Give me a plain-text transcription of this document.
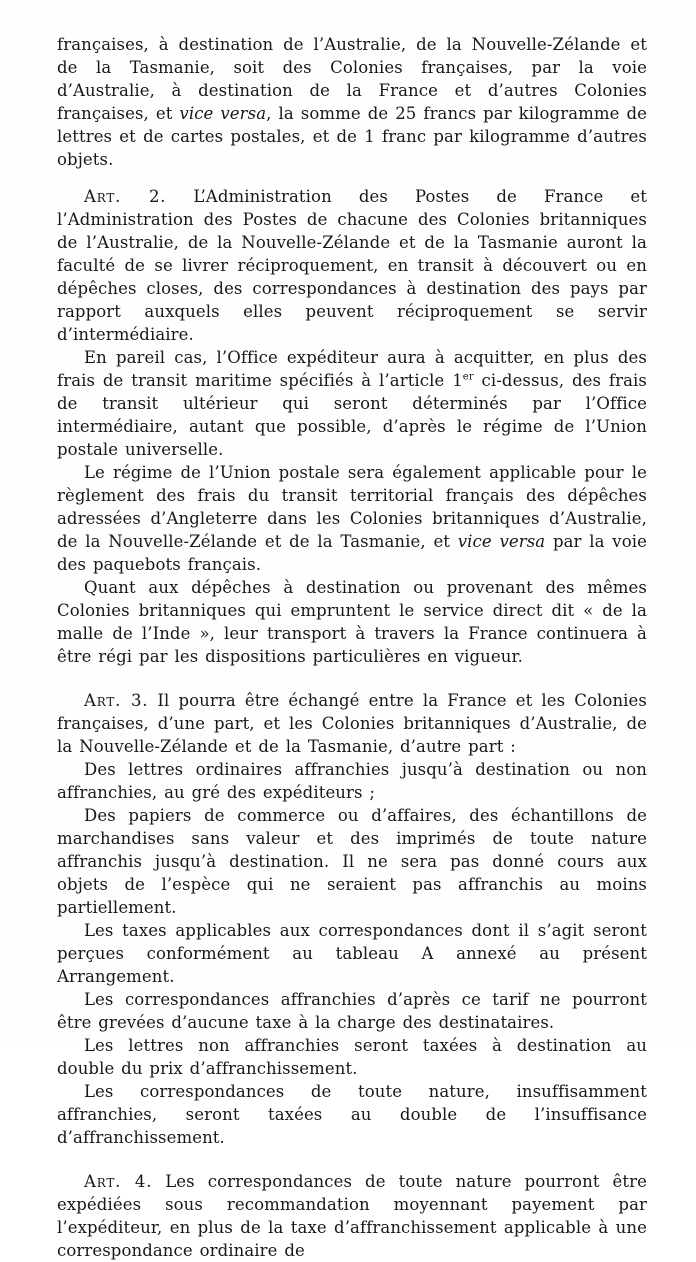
françaises, à destination de l’Australie, de la Nouvelle-Zélande et de la Tasmanie, soit des Colonies françaises, par la voie d’Australie, à destination de la France et d’autres Colonies françaises, et vice versa, la somme de 25 francs par kilogramme de lettres et de cartes postales, et de 1 franc par kilogramme d’autres objets.

Art. 2. L’Administration des Postes de France et l’Administration des Postes de chacune des Colonies britanniques de l’Australie, de la Nouvelle-Zélande et de la Tasmanie auront la faculté de se livrer réciproquement, en transit à découvert ou en dépêches closes, des correspondances à destination des pays par rapport auxquels elles peuvent réciproquement se servir d’intermédiaire.

En pareil cas, l’Office expéditeur aura à acquitter, en plus des frais de transit maritime spécifiés à l’article 1er ci-dessus, des frais de transit ultérieur qui seront déterminés par l’Office intermédiaire, autant que possible, d’après le régime de l’Union postale universelle.

Le régime de l’Union postale sera également applicable pour le règlement des frais du transit territorial français des dépêches adressées d’Angleterre dans les Colonies britanniques d’Australie, de la Nouvelle-Zélande et de la Tasmanie, et vice versa par la voie des paquebots français.

Quant aux dépêches à destination ou provenant des mêmes Colonies britanniques qui empruntent le service direct dit « de la malle de l’Inde », leur transport à travers la France continuera à être régi par les dispositions particulières en vigueur.

Art. 3. Il pourra être échangé entre la France et les Colonies françaises, d’une part, et les Colonies britanniques d’Australie, de la Nouvelle-Zélande et de la Tasmanie, d’autre part :

Des lettres ordinaires affranchies jusqu’à destination ou non affranchies, au gré des expéditeurs ;

Des papiers de commerce ou d’affaires, des échantillons de marchandises sans valeur et des imprimés de toute nature affranchis jusqu’à destination. Il ne sera pas donné cours aux objets de l’espèce qui ne seraient pas affranchis au moins partiellement.

Les taxes applicables aux correspondances dont il s’agit seront perçues conformément au tableau A annexé au présent Arrangement.

Les correspondances affranchies d’après ce tarif ne pourront être grevées d’aucune taxe à la charge des destinataires.

Les lettres non affranchies seront taxées à destination au double du prix d’affranchissement.

Les correspondances de toute nature, insuffisamment affranchies, seront taxées au double de l’insuffisance d’affranchissement.

Art. 4. Les correspondances de toute nature pourront être expédiées sous recommandation moyennant payement par l’expéditeur, en plus de la taxe d’affranchissement applicable à une correspondance ordinaire de
